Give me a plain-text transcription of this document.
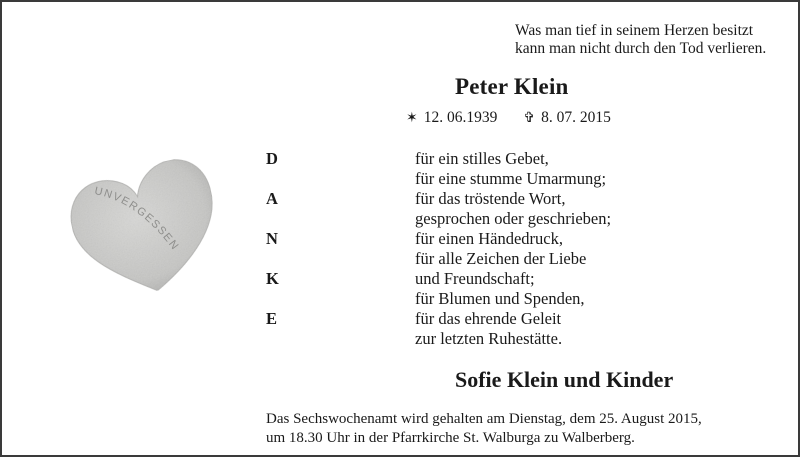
Was man tief in seinem Herzen besitzt
kann man nicht durch den Tod verlieren.
Peter Klein
✶ 12. 06.1939 ✞ 8. 07. 2015
UNVERGESSEN
D
A
N
K
E
für ein stilles Gebet,
für eine stumme Umarmung;
für das tröstende Wort,
gesprochen oder geschrieben;
für einen Händedruck,
für alle Zeichen der Liebe
und Freundschaft;
für Blumen und Spenden,
für das ehrende Geleit
zur letzten Ruhestätte.
Sofie Klein und Kinder
Das Sechswochenamt wird gehalten am Dienstag, dem 25. August 2015,
um 18.30 Uhr in der Pfarrkirche St. Walburga zu Walberberg.
